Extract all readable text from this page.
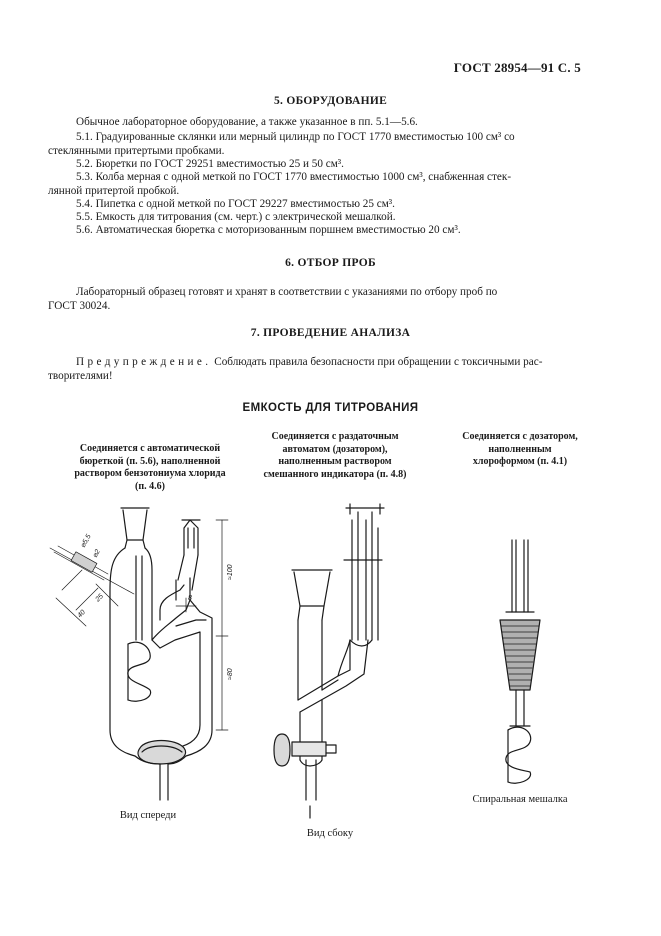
ГОСТ 28954—91 С. 5
5. ОБОРУДОВАНИЕ
Обычное лабораторное оборудование, а также указанное в пп. 5.1—5.6.
5.1. Градуированные склянки или мерный цилиндр по ГОСТ 1770 вместимостью 100 см³ со
стеклянными притертыми пробками.
5.2. Бюретки по ГОСТ 29251 вместимостью 25 и 50 см³.
5.3. Колба мерная с одной меткой по ГОСТ 1770 вместимостью 1000 см³, снабженная стек-
лянной притертой пробкой.
5.4. Пипетка с одной меткой по ГОСТ 29227 вместимостью 25 см³.
5.5. Емкость для титрования (см. черт.) с электрической мешалкой.
5.6. Автоматическая бюретка с моторизованным поршнем вместимостью 20 см³.
6. ОТБОР ПРОБ
Лабораторный образец готовят и хранят в соответствии с указаниями по отбору проб по
ГОСТ 30024.
7. ПРОВЕДЕНИЕ АНАЛИЗА
Предупреждение. Соблюдать правила безопасности при обращении с токсичными рас-
творителями!
ЕМКОСТЬ ДЛЯ ТИТРОВАНИЯ
Соединяется с автоматической
бюреткой (п. 5.6), наполненной
раствором бензотониума хлорида
(п. 4.6)
Соединяется с раздаточным
автоматом (дозатором),
наполненным раствором
смешанного индикатора (п. 4.8)
Соединяется с дозатором,
наполненным
хлороформом (п. 4.1)
⌀5,5
⌀2
25
40
≈100
≈80
8
Вид спереди
Вид сбоку
Спиральная мешалка
